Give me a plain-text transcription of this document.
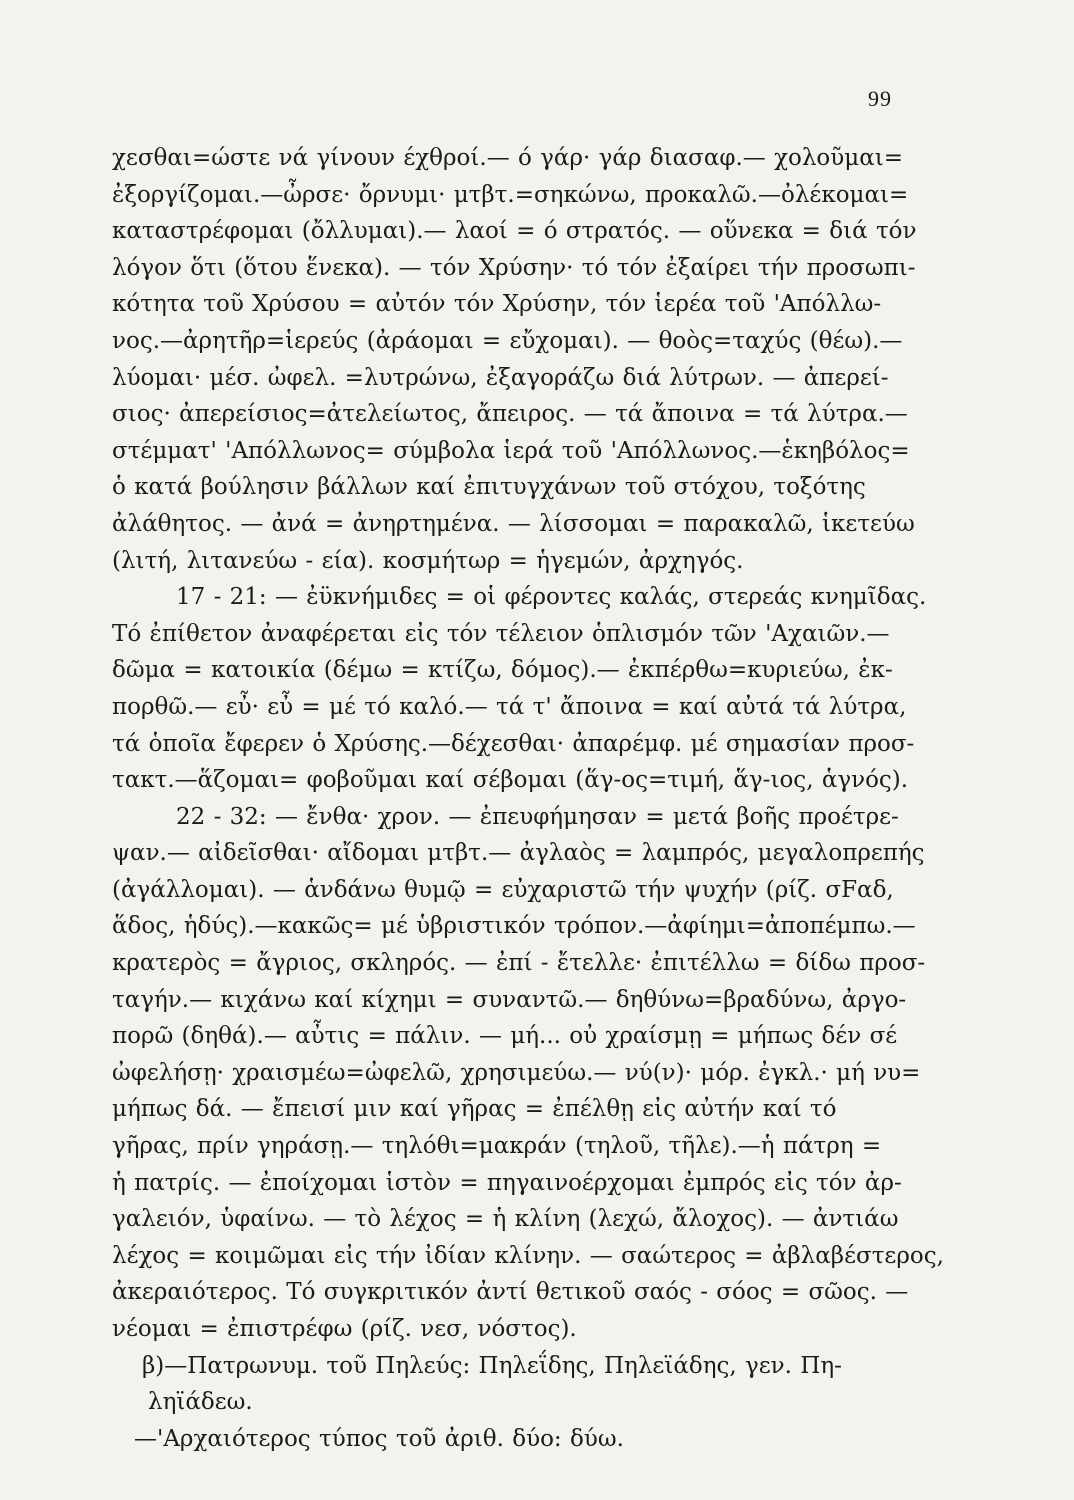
99
χεσθαι=ώστε νά γίνουν έχθροί.— ό γάρ· γάρ διασαφ.— χολοῦμαι=
ἐξοργίζομαι.—ὦρσε· ὄρνυμι· μτβτ.=σηκώνω, προκαλῶ.—ὀλέκομαι=
καταστρέφομαι (ὄλλυμαι).— λαοί = ό στρατός. — οὕνεκα = διά τόν
λόγον ὅτι (ὅτου ἕνεκα). — τόν Χρύσην· τό τόν ἐξαίρει τήν προσωπι-
κότητα τοῦ Χρύσου = αὐτόν τόν Χρύσην, τόν ἱερέα τοῦ 'Απόλλω-
νος.—ἀρητῆρ=ἱερεύς (ἀράομαι = εὔχομαι). — θοὸς=ταχύς (θέω).—
λύομαι· μέσ. ὠφελ. =λυτρώνω, ἐξαγοράζω διά λύτρων. — ἀπερεί-
σιος· ἀπερείσιος=ἀτελείωτος, ἄπειρος. — τά ἄποινα = τά λύτρα.—
στέμματ' 'Απόλλωνος= σύμβολα ἱερά τοῦ 'Απόλλωνος.—ἑκηβόλος=
ὁ κατά βούλησιν βάλλων καί ἐπιτυγχάνων τοῦ στόχου, τοξότης
ἀλάθητος. — ἀνά = ἀνηρτημένα. — λίσσομαι = παρακαλῶ, ἱκετεύω
(λιτή, λιτανεύω - εία). κοσμήτωρ = ἡγεμών, ἀρχηγός.
17 - 21: — ἐϋκνήμιδες = οἱ φέροντες καλάς, στερεάς κνημῖδας.
Τό ἐπίθετον ἀναφέρεται εἰς τόν τέλειον ὁπλισμόν τῶν 'Αχαιῶν.—
δῶμα = κατοικία (δέμω = κτίζω, δόμος).— ἐκπέρθω=κυριεύω, ἐκ-
πορθῶ.— εὖ· εὖ = μέ τό καλό.— τά τ' ἄποινα = καί αὐτά τά λύτρα,
τά ὁποῖα ἔφερεν ὁ Χρύσης.—δέχεσθαι· ἀπαρέμφ. μέ σημασίαν προσ-
τακτ.—ἅζομαι= φοβοῦμαι καί σέβομαι (ἅγ-ος=τιμή, ἅγ-ιος, ἁγνός).
22 - 32: — ἔνθα· χρον. — ἐπευφήμησαν = μετά βοῆς προέτρε-
ψαν.— αἰδεῖσθαι· αἴδομαι μτβτ.— ἀγλαὸς = λαμπρός, μεγαλοπρεπής
(ἀγάλλομαι). — ἁνδάνω θυμῷ = εὐχαριστῶ τήν ψυχήν (ρίζ. σFαδ,
ἅδος, ἡδύς).—κακῶς= μέ ὑβριστικόν τρόπον.—ἀφίημι=ἀποπέμπω.—
κρατερὸς = ἄγριος, σκληρός. — ἐπί - ἔτελλε· ἐπιτέλλω = δίδω προσ-
ταγήν.— κιχάνω καί κίχημι = συναντῶ.— δηθύνω=βραδύνω, ἀργο-
πορῶ (δηθά).— αὖτις = πάλιν. — μή... οὐ χραίσμῃ = μήπως δέν σέ
ὠφελήσῃ· χραισμέω=ὠφελῶ, χρησιμεύω.— νύ(ν)· μόρ. ἐγκλ.· μή νυ=
μήπως δά. — ἔπεισί μιν καί γῆρας = ἐπέλθῃ εἰς αὐτήν καί τό
γῆρας, πρίν γηράσῃ.— τηλόθι=μακράν (τηλοῦ, τῆλε).—ἡ πάτρη =
ἡ πατρίς. — ἐποίχομαι ἱστὸν = πηγαινοέρχομαι ἐμπρός εἰς τόν ἀρ-
γαλειόν, ὑφαίνω. — τὸ λέχος = ἡ κλίνη (λεχώ, ἄλοχος). — ἀντιάω
λέχος = κοιμῶμαι εἰς τήν ἰδίαν κλίνην. — σαώτερος = ἀβλαβέστερος,
ἀκεραιότερος. Τό συγκριτικόν ἀντί θετικοῦ σαός - σόος = σῶος. —
νέομαι = ἐπιστρέφω (ρίζ. νεσ, νόστος).
β)—Πατρωνυμ. τοῦ Πηλεύς: Πηλεΐδης, Πηλεϊάδης, γεν. Πη-
ληϊάδεω.
—'Αρχαιότερος τύπος τοῦ ἀριθ. δύο: δύω.
